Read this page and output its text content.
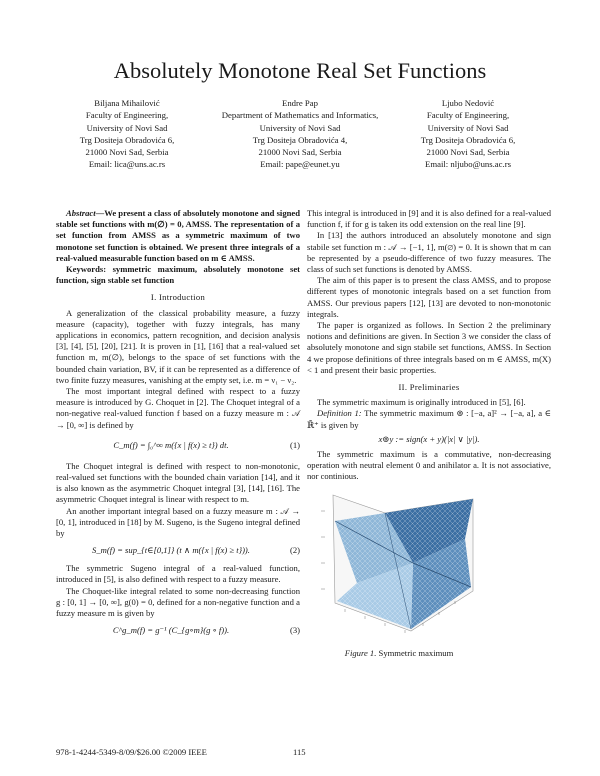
Absolutely Monotone Real Set Functions
Biljana Mihailović
Faculty of Engineering,
University of Novi Sad
Trg Dositeja Obradovića 6,
21000 Novi Sad, Serbia
Email: lica@uns.ac.rs
Endre Pap
Department of Mathematics and Informatics,
University of Novi Sad
Trg Dositeja Obradovića 4,
21000 Novi Sad, Serbia
Email: pape@eunet.yu
Ljubo Nedović
Faculty of Engineering,
University of Novi Sad
Trg Dositeja Obradovića 6,
21000 Novi Sad, Serbia
Email: nljubo@uns.ac.rs

Abstract—We present a class of absolutely monotone and signed stable set functions with m(∅) = 0, AMSS. The representation of a set function from AMSS as a symmetric maximum of two monotone set function is obtained. We present three integrals of a real-valued measurable function based on m ∈ AMSS.

Keywords: symmetric maximum, absolutely monotone set function, sign stable set function

I. Introduction

A generalization of the classical probability measure, a fuzzy measure (capacity), together with fuzzy integrals, has many applications in economics, pattern recognition, and decision analysis [3], [4], [5], [20], [21]. It is proven in [1], [16] that a real-valued set function m, m(∅), belongs to the space of set functions with the bounded chain variation, BV, if it can be represented as a difference of two finite fuzzy measures, vanishing at the empty set, i.e. m = ν₁ − ν₂.

The most important integral defined with respect to a fuzzy measure is introduced by G. Choquet in [2]. The Choquet integral of a non-negative real-valued function f based on a fuzzy measure m : 𝒜 → [0, ∞] is defined by

C_m(f) = ∫₀^∞ m({x | f(x) ≥ t}) dt.	(1)

The Choquet integral is defined with respect to non-monotonic, real-valued set functions with the bounded chain variation [14], and it is also known as the asymmetric Choquet integral [3], [14], [16]. The asymmetric Choquet integral is linear with respect to m.

An another important integral based on a fuzzy measure m : 𝒜 → [0, 1], introduced in [18] by M. Sugeno, is the Sugeno integral defined by

S_m(f) = sup_{t∈[0,1]} (t ∧ m({x | f(x) ≥ t})).	(2)

The symmetric Sugeno integral of a real-valued function, introduced in [5], is also defined with respect to a fuzzy measure.

The Choquet-like integral related to some non-decreasing function g : [0, 1] → [0, ∞], g(0) = 0, defined for a non-negative function and a fuzzy measure m is given by

C^g_m(f) = g⁻¹ (C_{g∘m}(g ∘ f)).	(3)

This integral is introduced in [9] and it is also defined for a real-valued function f, if for g is taken its odd extension on the real line [9].

In [13] the authors introduced an absolutely monotone and sign stabile set function m : 𝒜 → [−1, 1], m(∅) = 0. It is shown that m can be represented by a pseudo-difference of two fuzzy measures. The class of such set functions is denoted by AMSS.

The aim of this paper is to present the class AMSS, and to propose different types of monotonic integrals based on a set function from AMSS. Our previous papers [12], [13] are devoted to non-monotonic integrals.

The paper is organized as follows. In Section 2 the preliminary notions and definitions are given. In Section 3 we consider the class of absolutely monotone and sign stabile set functions, AMSS. In Section 4 we propose definitions of three integrals based on m ∈ AMSS, m(X) < 1 and present their basic properties.

II. Preliminaries

The symmetric maximum is originally introduced in [5], [6].

Definition 1: The symmetric maximum ⊚ : [−a, a]² → [−a, a], a ∈ ℝ̄⁺ is given by

x⊚y := sign(x + y)(|x| ∨ |y|).

The symmetric maximum is a commutative, non-decreasing operation with neutral element 0 and anihilator a. It is not associative, nor continious.

Figure 1. Symmetric maximum
978-1-4244-5349-8/09/$26.00 ©2009 IEEE	115
